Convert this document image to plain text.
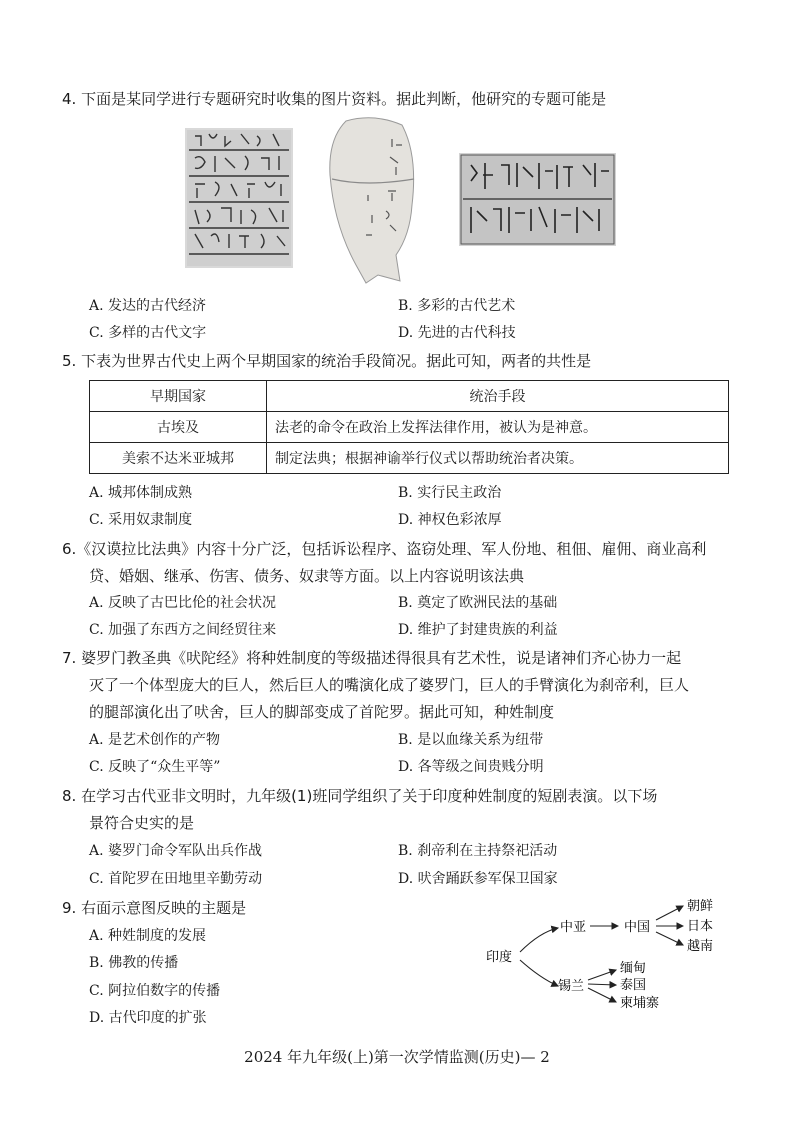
4. 下面是某同学进行专题研究时收集的图片资料。据此判断，他研究的专题可能是
A. 发达的古代经济	B. 多彩的古代艺术
C. 多样的古代文字	D. 先进的古代科技
5. 下表为世界古代史上两个早期国家的统治手段简况。据此可知，两者的共性是
早期国家	统治手段
古埃及	法老的命令在政治上发挥法律作用，被认为是神意。
美索不达米亚城邦	制定法典；根据神谕举行仪式以帮助统治者决策。
A. 城邦体制成熟	B. 实行民主政治
C. 采用奴隶制度	D. 神权色彩浓厚
6.《汉谟拉比法典》内容十分广泛，包括诉讼程序、盗窃处理、军人份地、租佃、雇佣、商业高利
贷、婚姻、继承、伤害、债务、奴隶等方面。以上内容说明该法典
A. 反映了古巴比伦的社会状况	B. 奠定了欧洲民法的基础
C. 加强了东西方之间经贸往来	D. 维护了封建贵族的利益
7. 婆罗门教圣典《吠陀经》将种姓制度的等级描述得很具有艺术性，说是诸神们齐心协力一起
灭了一个体型庞大的巨人，然后巨人的嘴演化成了婆罗门，巨人的手臂演化为刹帝利，巨人
的腿部演化出了吠舍，巨人的脚部变成了首陀罗。据此可知，种姓制度
A. 是艺术创作的产物	B. 是以血缘关系为纽带
C. 反映了“众生平等”	D. 各等级之间贵贱分明
8. 在学习古代亚非文明时，九年级(1)班同学组织了关于印度种姓制度的短剧表演。以下场
景符合史实的是
A. 婆罗门命令军队出兵作战	B. 刹帝利在主持祭祀活动
C. 首陀罗在田地里辛勤劳动	D. 吠舍踊跃参军保卫国家
9. 右面示意图反映的主题是
A. 种姓制度的发展
B. 佛教的传播
C. 阿拉伯数字的传播
D. 古代印度的扩张
印度
中亚	中国
朝鲜
日本
越南
锡兰
缅甸
泰国
柬埔寨
2024 年九年级(上)第一次学情监测(历史)— 2
